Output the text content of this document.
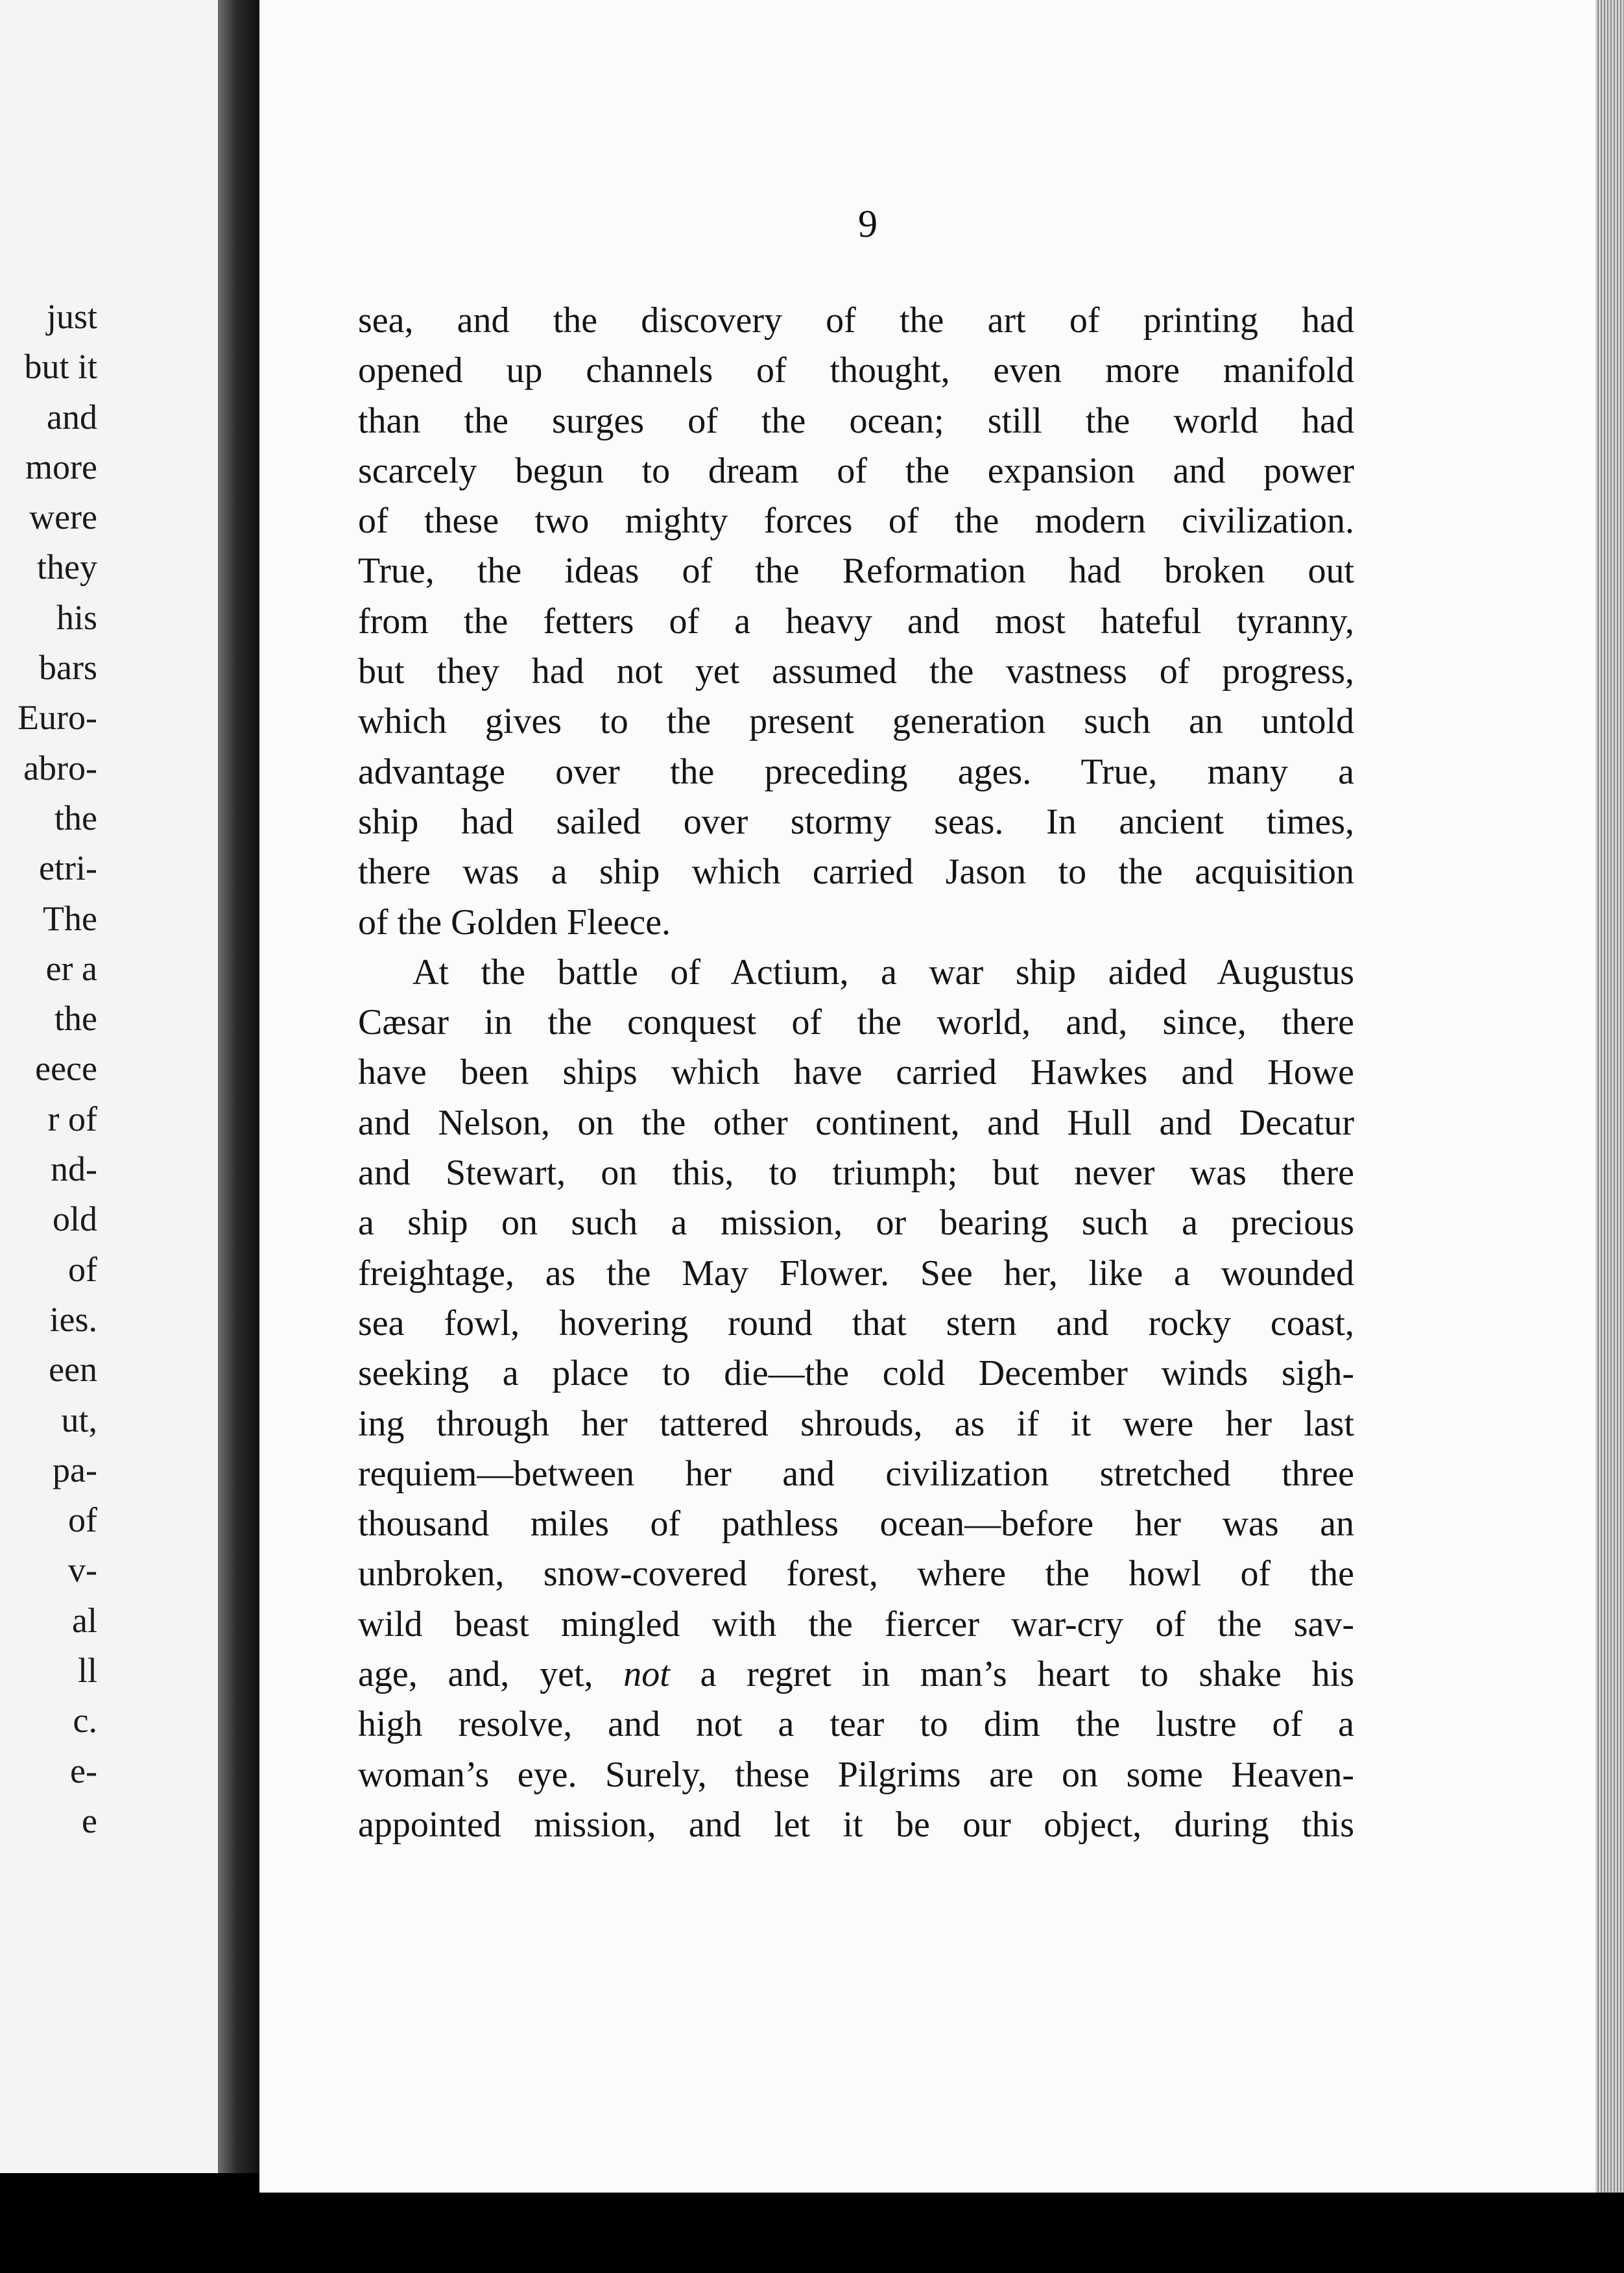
just
but it
and
more
were
they
his
bars
Euro-
abro-
the
etri-
The
er a
the
eece
r of
nd-
old
of
ies.
een
ut,
pa-
of
v-
al
ll
c.
e-
e
9
sea, and the discovery of the art of printing had
opened up channels of thought, even more manifold
than the surges of the ocean; still the world had
scarcely begun to dream of the expansion and power
of these two mighty forces of the modern civilization.
True, the ideas of the Reformation had broken out
from the fetters of a heavy and most hateful tyranny,
but they had not yet assumed the vastness of progress,
which gives to the present generation such an untold
advantage over the preceding ages. True, many a
ship had sailed over stormy seas. In ancient times,
there was a ship which carried Jason to the acquisition
of the Golden Fleece.
At the battle of Actium, a war ship aided Augustus
Cæsar in the conquest of the world, and, since, there
have been ships which have carried Hawkes and Howe
and Nelson, on the other continent, and Hull and Decatur
and Stewart, on this, to triumph; but never was there
a ship on such a mission, or bearing such a precious
freightage, as the May Flower. See her, like a wounded
sea fowl, hovering round that stern and rocky coast,
seeking a place to die—the cold December winds sigh-
ing through her tattered shrouds, as if it were her last
requiem—between her and civilization stretched three
thousand miles of pathless ocean—before her was an
unbroken, snow-covered forest, where the howl of the
wild beast mingled with the fiercer war-cry of the sav-
age, and, yet, not a regret in man’s heart to shake his
high resolve, and not a tear to dim the lustre of a
woman’s eye. Surely, these Pilgrims are on some Heaven-
appointed mission, and let it be our object, during this
